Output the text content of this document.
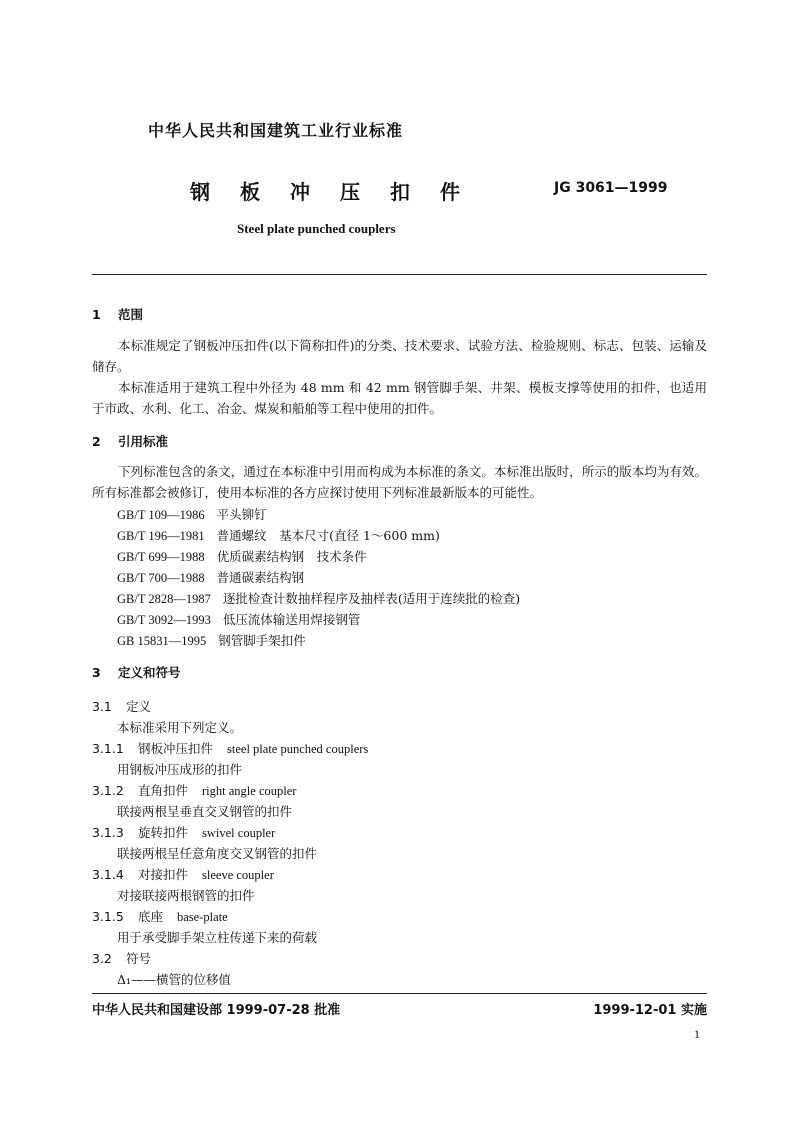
中华人民共和国建筑工业行业标准
钢板冲压扣件	JG 3061—1999
Steel plate punched couplers
1 范围
本标准规定了钢板冲压扣件(以下简称扣件)的分类、技术要求、试验方法、检验规则、标志、包装、运输及储存。
本标准适用于建筑工程中外径为 48 mm 和 42 mm 钢管脚手架、井架、模板支撑等使用的扣件，也适用于市政、水利、化工、冶金、煤炭和船舶等工程中使用的扣件。
2 引用标准
下列标准包含的条文，通过在本标准中引用而构成为本标准的条文。本标准出版时，所示的版本均为有效。所有标准都会被修订，使用本标准的各方应探讨使用下列标准最新版本的可能性。
GB/T 109—1986 平头铆钉
GB/T 196—1981 普通螺纹　基本尺寸(直径 1～600 mm)
GB/T 699—1988 优质碳素结构钢　技术条件
GB/T 700—1988 普通碳素结构钢
GB/T 2828—1987 逐批检查计数抽样程序及抽样表(适用于连续批的检查)
GB/T 3092—1993 低压流体输送用焊接钢管
GB 15831—1995 钢管脚手架扣件
3 定义和符号
3.1 定义
本标准采用下列定义。
3.1.1 钢板冲压扣件 steel plate punched couplers
用钢板冲压成形的扣件
3.1.2 直角扣件 right angle coupler
联接两根呈垂直交叉钢管的扣件
3.1.3 旋转扣件 swivel coupler
联接两根呈任意角度交叉钢管的扣件
3.1.4 对接扣件 sleeve coupler
对接联接两根钢管的扣件
3.1.5 底座 base-plate
用于承受脚手架立柱传递下来的荷载
3.2 符号
Δ₁——横管的位移值
中华人民共和国建设部 1999-07-28 批准	1999-12-01 实施
1
